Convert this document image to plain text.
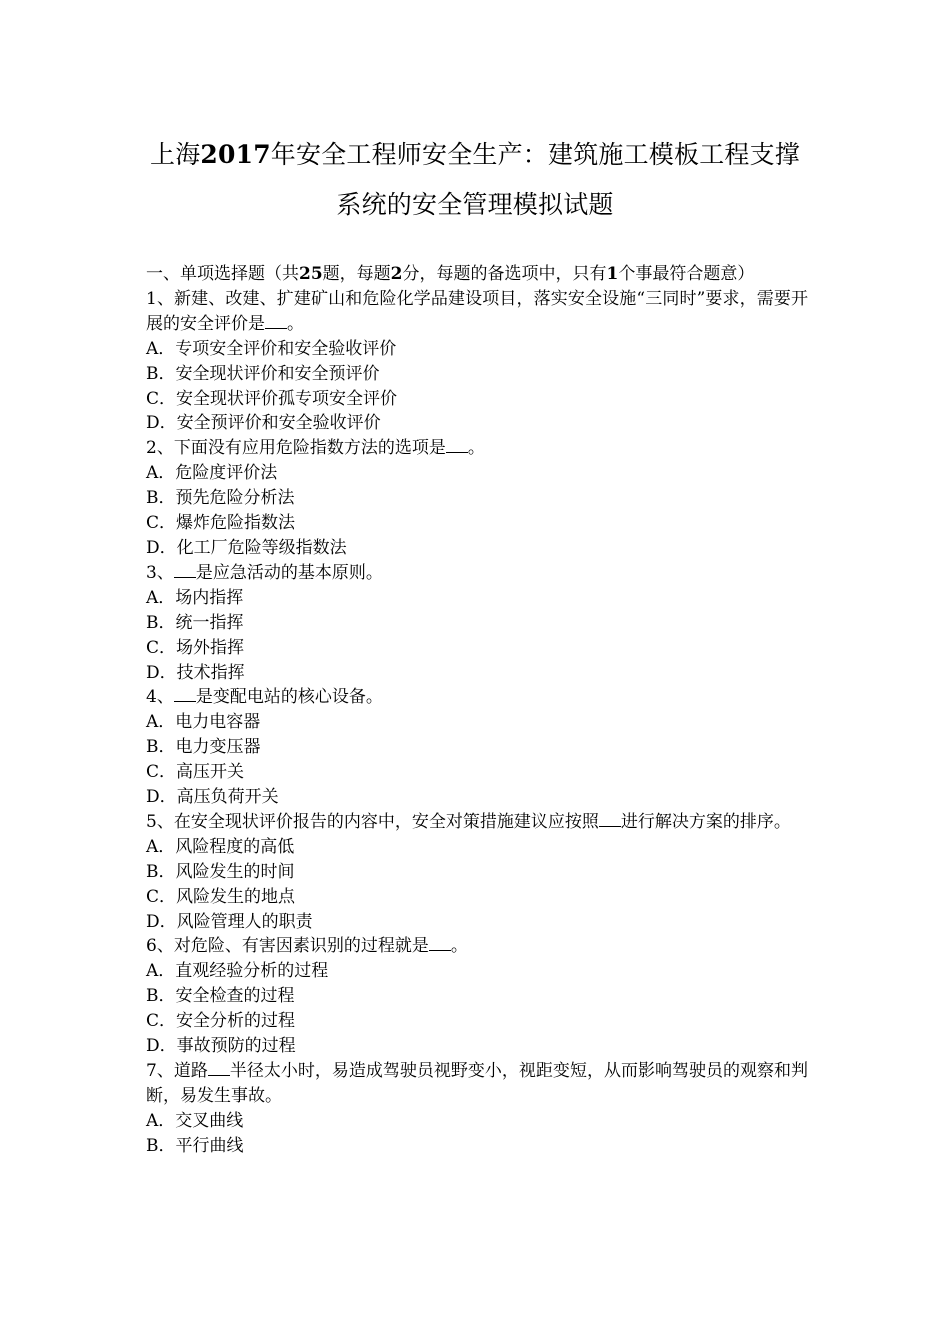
上海2017年安全工程师安全生产：建筑施工模板工程支撑
系统的安全管理模拟试题

一、单项选择题（共25题，每题2分，每题的备选项中，只有1个事最符合题意）

1、新建、改建、扩建矿山和危险化学品建设项目，落实安全设施“三同时”要求，需要开展的安全评价是 。

A．专项安全评价和安全验收评价

B．安全现状评价和安全预评价

C．安全现状评价孤专项安全评价

D．安全预评价和安全验收评价

2、下面没有应用危险指数方法的选项是 。

A．危险度评价法

B．预先危险分析法

C．爆炸危险指数法

D．化工厂危险等级指数法

3、 是应急活动的基本原则。

A．场内指挥

B．统一指挥

C．场外指挥

D．技术指挥

4、 是变配电站的核心设备。

A．电力电容器

B．电力变压器

C．高压开关

D．高压负荷开关

5、在安全现状评价报告的内容中，安全对策措施建议应按照 进行解决方案的排序。

A．风险程度的高低

B．风险发生的时间

C．风险发生的地点

D．风险管理人的职责

6、对危险、有害因素识别的过程就是 。

A．直观经验分析的过程

B．安全检查的过程

C．安全分析的过程

D．事故预防的过程

7、道路 半径太小时，易造成驾驶员视野变小，视距变短，从而影响驾驶员的观察和判断，易发生事故。

A．交叉曲线

B．平行曲线
